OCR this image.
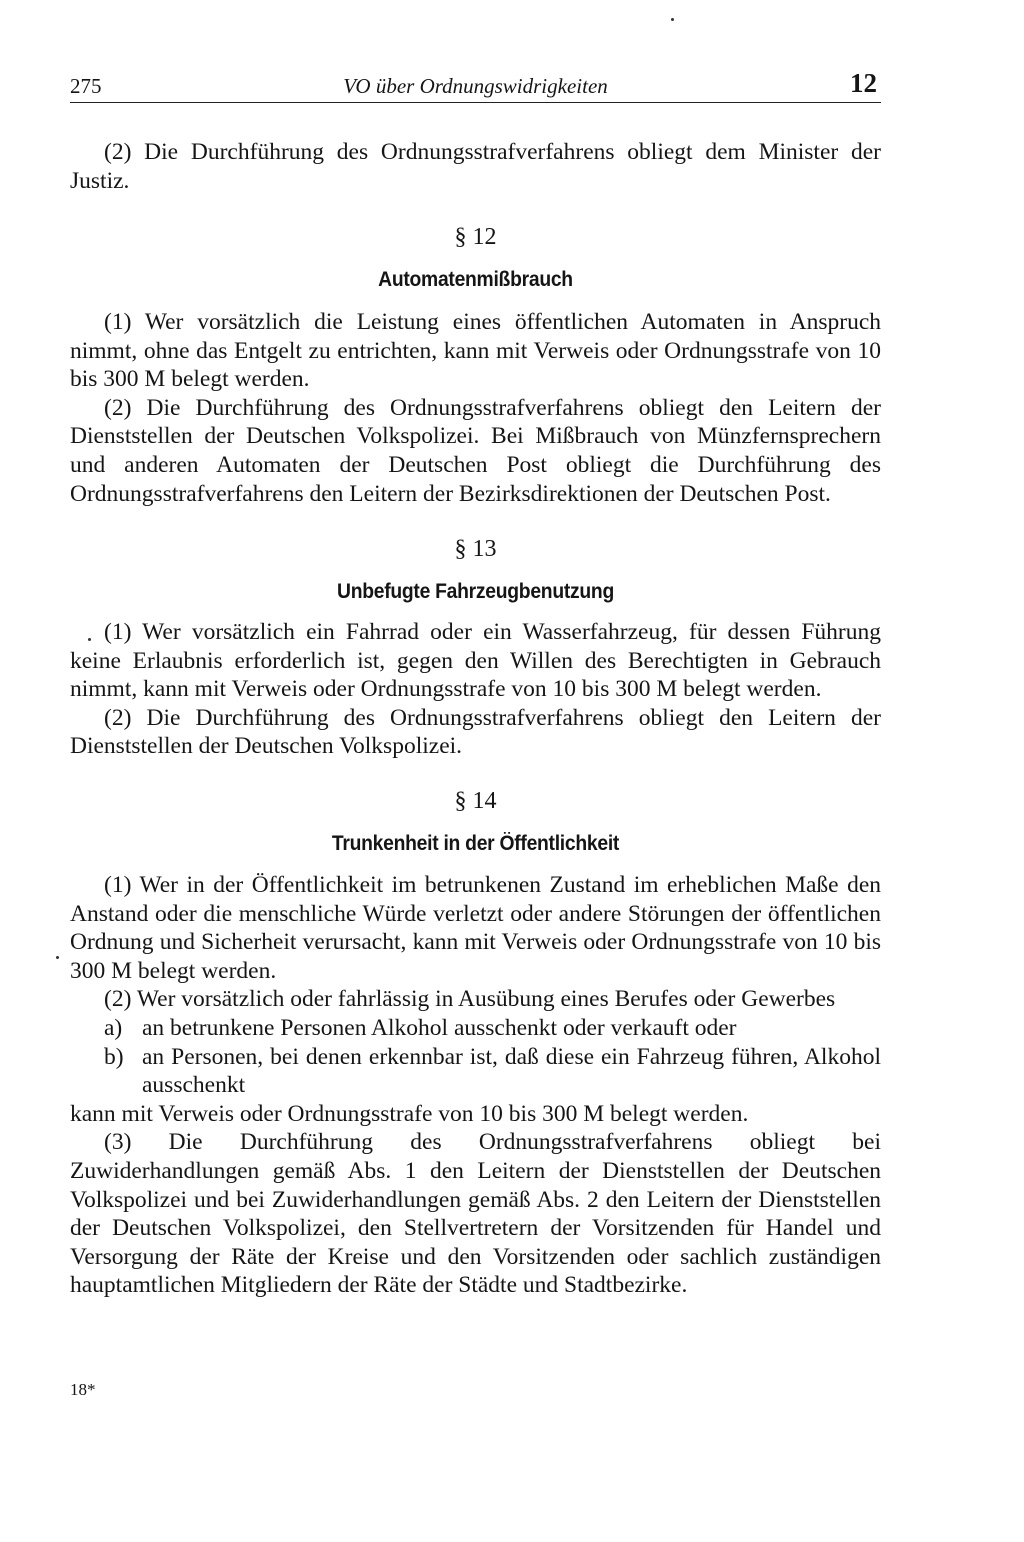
275	VO über Ordnungswidrigkeiten	12

(2) Die Durchführung des Ordnungsstrafverfahrens obliegt dem Minister der Justiz.

§ 12
Automatenmißbrauch

(1) Wer vorsätzlich die Leistung eines öffentlichen Automaten in Anspruch nimmt, ohne das Entgelt zu entrichten, kann mit Verweis oder Ordnungsstrafe von 10 bis 300 M belegt werden.

(2) Die Durchführung des Ordnungsstrafverfahrens obliegt den Leitern der Dienststellen der Deutschen Volkspolizei. Bei Mißbrauch von Münzfernsprechern und anderen Automaten der Deutschen Post obliegt die Durchführung des Ordnungsstrafverfahrens den Leitern der Bezirksdirektionen der Deutschen Post.

§ 13
Unbefugte Fahrzeugbenutzung

(1) Wer vorsätzlich ein Fahrrad oder ein Wasserfahrzeug, für dessen Führung keine Erlaubnis erforderlich ist, gegen den Willen des Berechtigten in Gebrauch nimmt, kann mit Verweis oder Ordnungsstrafe von 10 bis 300 M belegt werden.

(2) Die Durchführung des Ordnungsstrafverfahrens obliegt den Leitern der Dienststellen der Deutschen Volkspolizei.

§ 14
Trunkenheit in der Öffentlichkeit

(1) Wer in der Öffentlichkeit im betrunkenen Zustand im erheblichen Maße den Anstand oder die menschliche Würde verletzt oder andere Störungen der öffentlichen Ordnung und Sicherheit verursacht, kann mit Verweis oder Ordnungsstrafe von 10 bis 300 M belegt werden.

(2) Wer vorsätzlich oder fahrlässig in Ausübung eines Berufes oder Gewerbes

a) an betrunkene Personen Alkohol ausschenkt oder verkauft oder

b) an Personen, bei denen erkennbar ist, daß diese ein Fahrzeug führen, Alkohol ausschenkt

kann mit Verweis oder Ordnungsstrafe von 10 bis 300 M belegt werden.

(3) Die Durchführung des Ordnungsstrafverfahrens obliegt bei Zuwiderhandlungen gemäß Abs. 1 den Leitern der Dienststellen der Deutschen Volkspolizei und bei Zuwiderhandlungen gemäß Abs. 2 den Leitern der Dienststellen der Deutschen Volkspolizei, den Stellvertretern der Vorsitzenden für Handel und Versorgung der Räte der Kreise und den Vorsitzenden oder sachlich zuständigen hauptamtlichen Mitgliedern der Räte der Städte und Stadtbezirke.

18*
